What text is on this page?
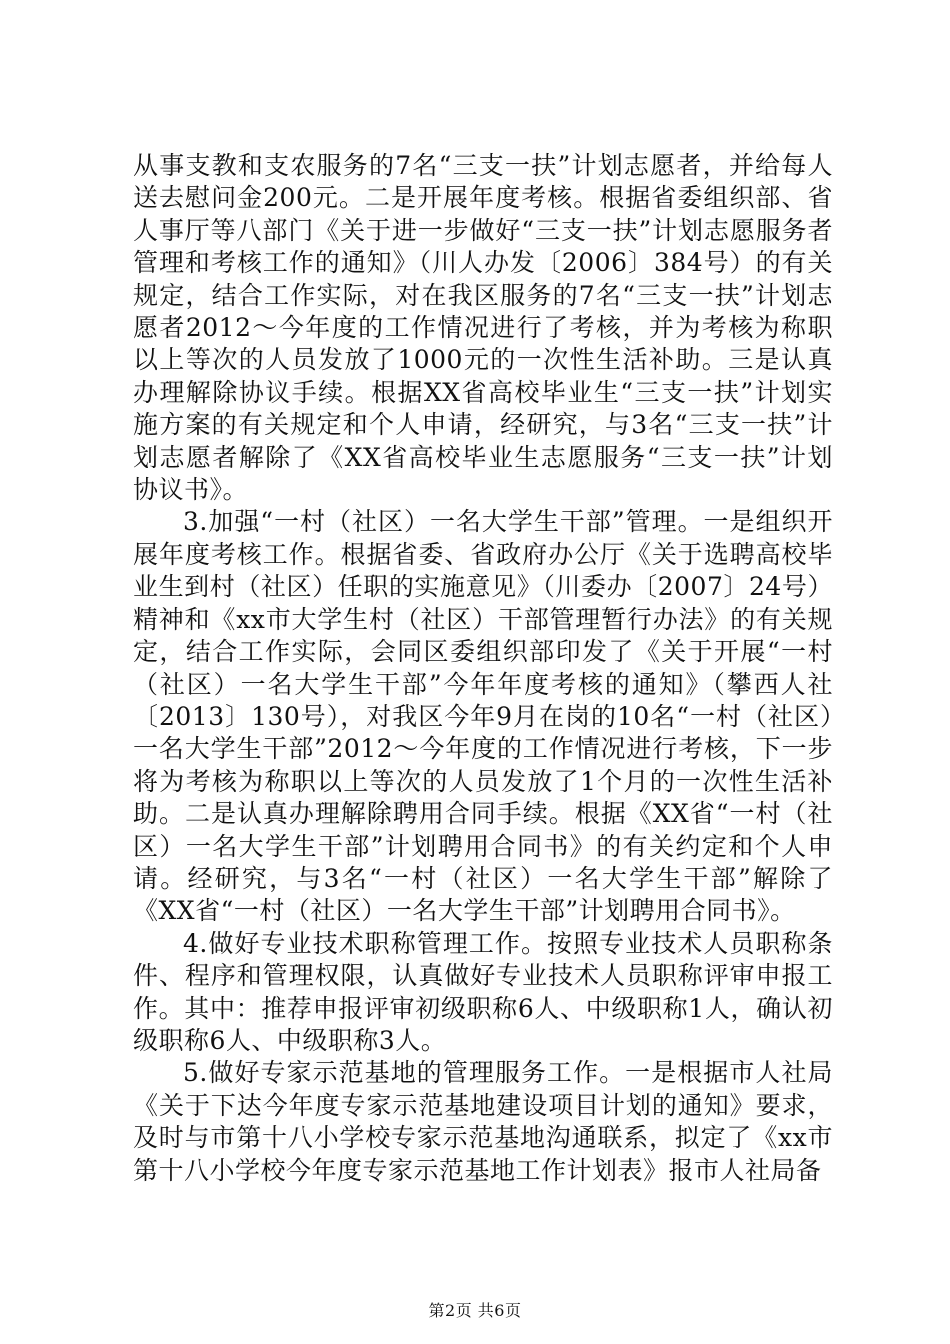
从事支教和支农服务的7名“三支一扶”计划志愿者，并给每人送去慰问金200元。二是开展年度考核。根据省委组织部、省人事厅等八部门《关于进一步做好“三支一扶”计划志愿服务者管理和考核工作的通知》（川人办发〔2006〕384号）的有关规定，结合工作实际，对在我区服务的7名“三支一扶”计划志愿者2012～今年度的工作情况进行了考核，并为考核为称职以上等次的人员发放了1000元的一次性生活补助。三是认真办理解除协议手续。根据XX省高校毕业生“三支一扶”计划实施方案的有关规定和个人申请，经研究，与3名“三支一扶”计划志愿者解除了《XX省高校毕业生志愿服务“三支一扶”计划协议书》。

3.加强“一村（社区）一名大学生干部”管理。一是组织开展年度考核工作。根据省委、省政府办公厅《关于选聘高校毕业生到村（社区）任职的实施意见》（川委办〔2007〕24号）精神和《xx市大学生村（社区）干部管理暂行办法》的有关规定，结合工作实际，会同区委组织部印发了《关于开展“一村（社区）一名大学生干部”今年年度考核的通知》（攀西人社〔2013〕130号），对我区今年9月在岗的10名“一村（社区）一名大学生干部”2012～今年度的工作情况进行考核，下一步将为考核为称职以上等次的人员发放了1个月的一次性生活补助。二是认真办理解除聘用合同手续。根据《XX省“一村（社区）一名大学生干部”计划聘用合同书》的有关约定和个人申请。经研究，与3名“一村（社区）一名大学生干部”解除了《XX省“一村（社区）一名大学生干部”计划聘用合同书》。

4.做好专业技术职称管理工作。按照专业技术人员职称条件、程序和管理权限，认真做好专业技术人员职称评审申报工作。其中：推荐申报评审初级职称6人、中级职称1人，确认初级职称6人、中级职称3人。

5.做好专家示范基地的管理服务工作。一是根据市人社局《关于下达今年度专家示范基地建设项目计划的通知》要求，及时与市第十八小学校专家示范基地沟通联系，拟定了《xx市第十八小学校今年度专家示范基地工作计划表》报市人社局备

第2页 共6页
